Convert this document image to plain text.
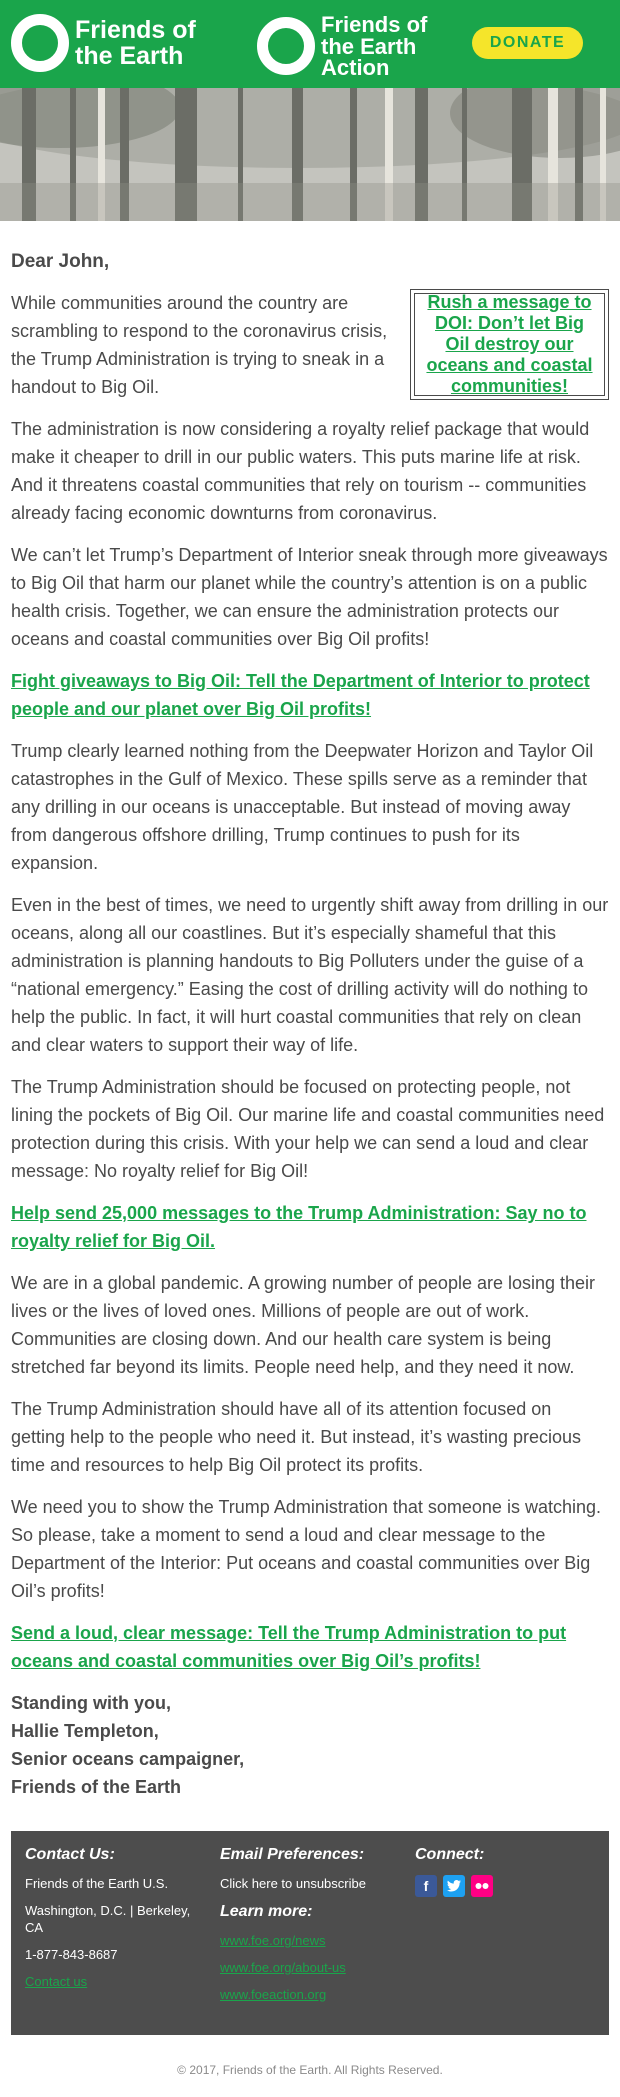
Friends of
the Earth
Friends of
the Earth
Action
DONATE
Dear John,

While communities around the country are scrambling to respond to the coronavirus crisis, the Trump Administration is trying to sneak in a handout to Big Oil.

Rush a message to DOI: Don’t let Big Oil destroy our oceans and coastal communities!

The administration is now considering a royalty relief package that would make it cheaper to drill in our public waters. This puts marine life at risk. And it threatens coastal communities that rely on tourism -- communities already facing economic downturns from coronavirus.

We can’t let Trump’s Department of Interior sneak through more giveaways to Big Oil that harm our planet while the country’s attention is on a public health crisis. Together, we can ensure the administration protects our oceans and coastal communities over Big Oil profits!

Fight giveaways to Big Oil: Tell the Department of Interior to protect people and our planet over Big Oil profits!

Trump clearly learned nothing from the Deepwater Horizon and Taylor Oil catastrophes in the Gulf of Mexico. These spills serve as a reminder that any drilling in our oceans is unacceptable. But instead of moving away from dangerous offshore drilling, Trump continues to push for its expansion.

Even in the best of times, we need to urgently shift away from drilling in our oceans, along all our coastlines. But it’s especially shameful that this administration is planning handouts to Big Polluters under the guise of a “national emergency.” Easing the cost of drilling activity will do nothing to help the public. In fact, it will hurt coastal communities that rely on clean and clear waters to support their way of life.

The Trump Administration should be focused on protecting people, not lining the pockets of Big Oil. Our marine life and coastal communities need protection during this crisis. With your help we can send a loud and clear message: No royalty relief for Big Oil!

Help send 25,000 messages to the Trump Administration: Say no to royalty relief for Big Oil.

We are in a global pandemic. A growing number of people are losing their lives or the lives of loved ones. Millions of people are out of work. Communities are closing down. And our health care system is being stretched far beyond its limits. People need help, and they need it now.

The Trump Administration should have all of its attention focused on getting help to the people who need it. But instead, it’s wasting precious time and resources to help Big Oil protect its profits.

We need you to show the Trump Administration that someone is watching. So please, take a moment to send a loud and clear message to the Department of the Interior: Put oceans and coastal communities over Big Oil’s profits!

Send a loud, clear message: Tell the Trump Administration to put oceans and coastal communities over Big Oil’s profits!
Standing with you,
Hallie Templeton,
Senior oceans campaigner,
Friends of the Earth
Contact Us:
Friends of the Earth U.S.
Washington, D.C. | Berkeley, CA
1-877-843-8687
Contact us
Email Preferences:
Click here to unsubscribe
Learn more:
www.foe.org/news
www.foe.org/about-us
www.foeaction.org
Connect:
f
© 2017, Friends of the Earth. All Rights Reserved.
